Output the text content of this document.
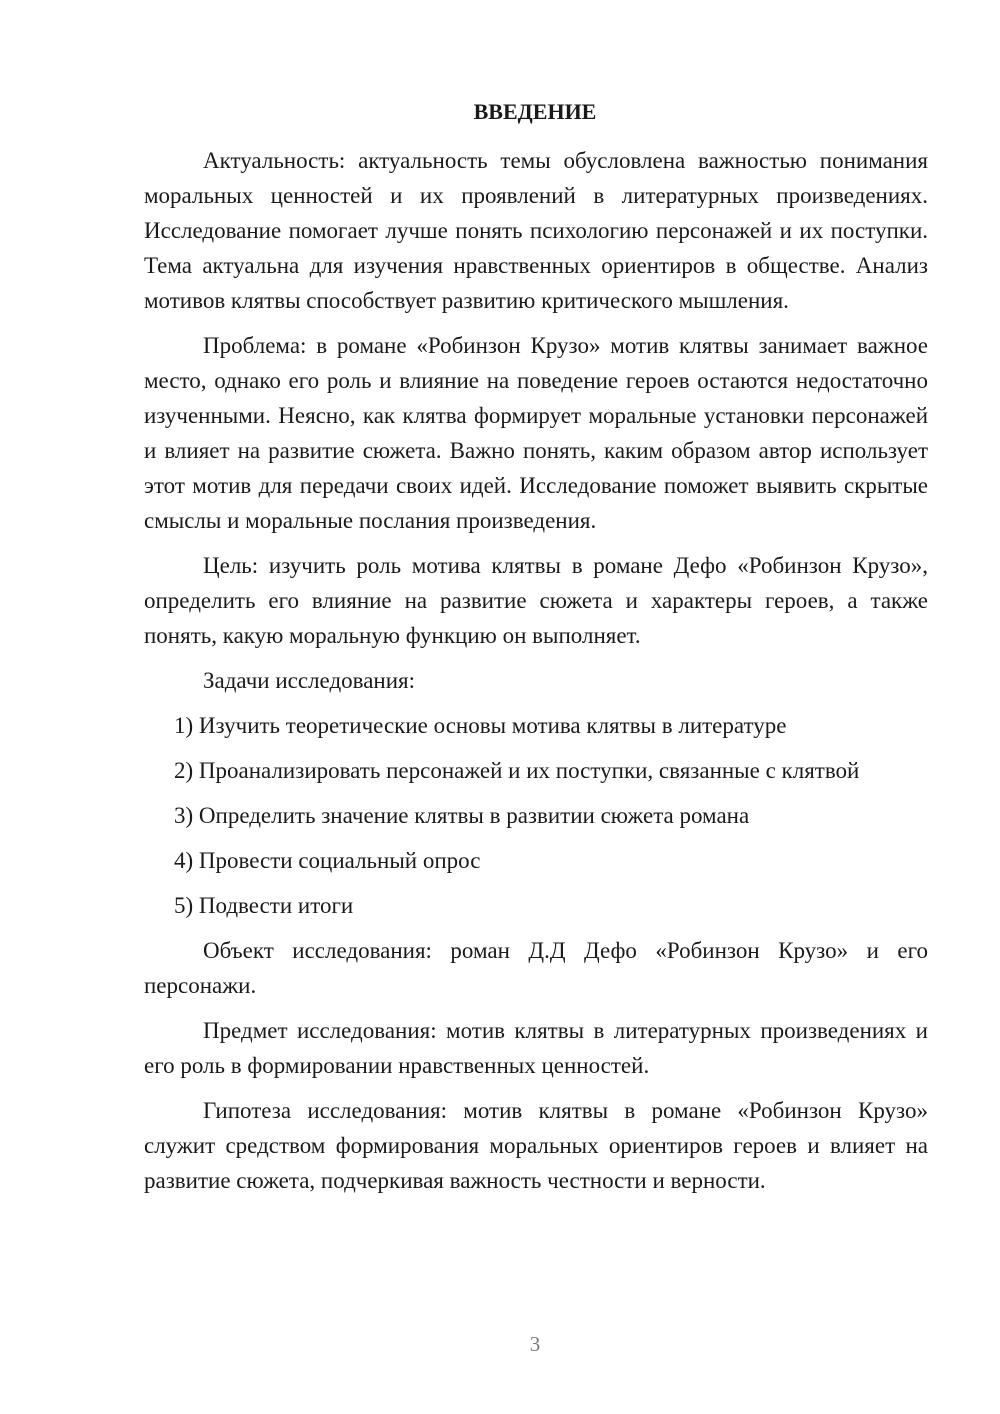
ВВЕДЕНИЕ

Актуальность: актуальность темы обусловлена важностью понимания моральных ценностей и их проявлений в литературных произведениях. Исследование помогает лучше понять психологию персонажей и их поступки. Тема актуальна для изучения нравственных ориентиров в обществе. Анализ мотивов клятвы способствует развитию критического мышления.

Проблема: в романе «Робинзон Крузо» мотив клятвы занимает важное место, однако его роль и влияние на поведение героев остаются недостаточно изученными. Неясно, как клятва формирует моральные установки персонажей и влияет на развитие сюжета. Важно понять, каким образом автор использует этот мотив для передачи своих идей. Исследование поможет выявить скрытые смыслы и моральные послания произведения.

Цель: изучить роль мотива клятвы в романе Дефо «Робинзон Крузо», определить его влияние на развитие сюжета и характеры героев, а также понять, какую моральную функцию он выполняет.

Задачи исследования:

1) Изучить теоретические основы мотива клятвы в литературе
2) Проанализировать персонажей и их поступки, связанные с клятвой
3) Определить значение клятвы в развитии сюжета романа
4) Провести социальный опрос
5) Подвести итоги

Объект исследования: роман Д.Д Дефо «Робинзон Крузо» и его персонажи.

Предмет исследования: мотив клятвы в литературных произведениях и его роль в формировании нравственных ценностей.

Гипотеза исследования: мотив клятвы в романе «Робинзон Крузо» служит средством формирования моральных ориентиров героев и влияет на развитие сюжета, подчеркивая важность честности и верности.

3
